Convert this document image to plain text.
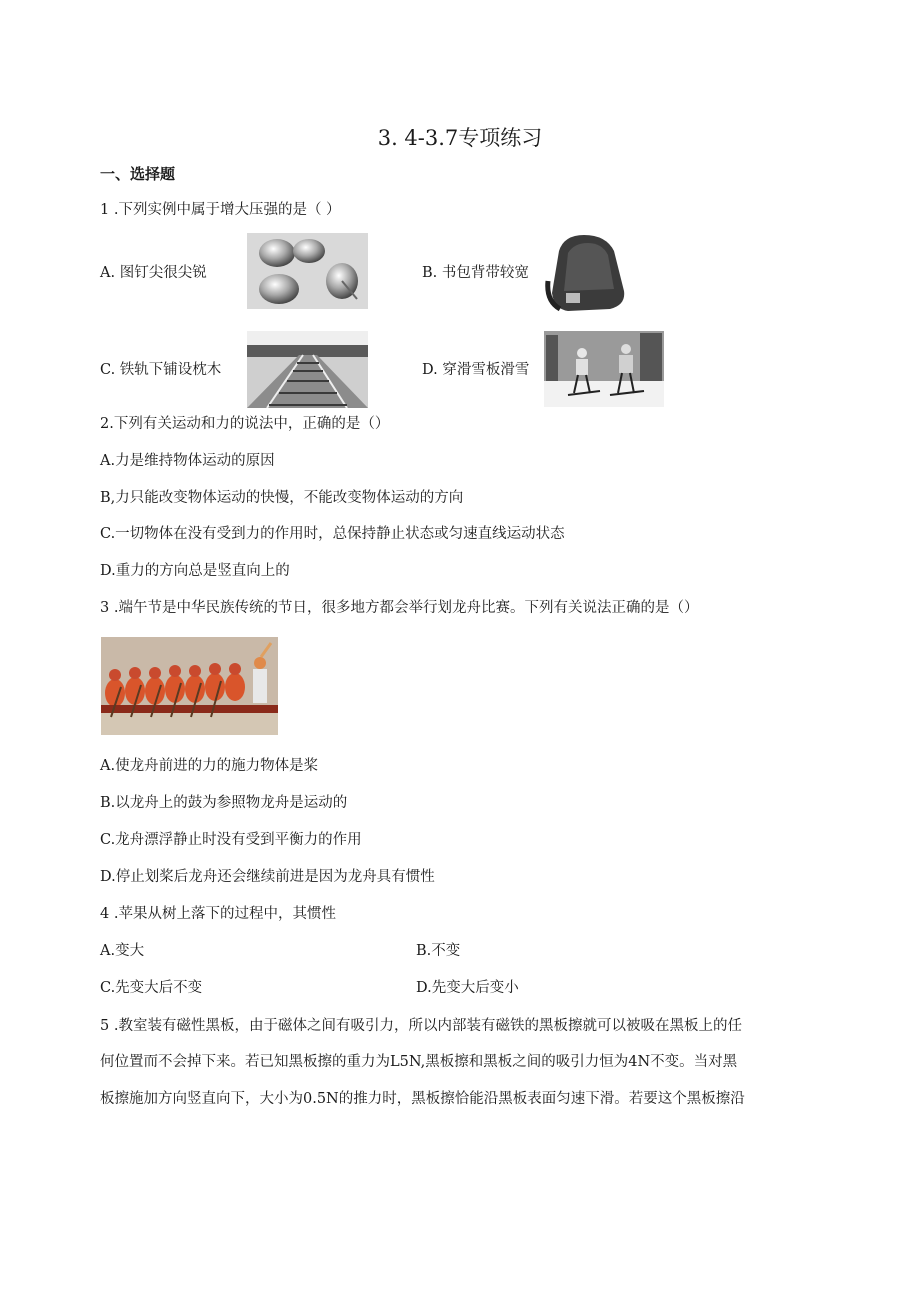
3. 4-3.7专项练习
一、选择题
1 .下列实例中属于增大压强的是（ ）
A. 图钉尖很尖锐	B. 书包背带较宽
C. 铁轨下铺设枕木	D. 穿滑雪板滑雪
2.下列有关运动和力的说法中，正确的是（）
A.力是维持物体运动的原因
B,力只能改变物体运动的快慢，不能改变物体运动的方向
C.一切物体在没有受到力的作用时，总保持静止状态或匀速直线运动状态
D.重力的方向总是竖直向上的
3 .端午节是中华民族传统的节日，很多地方都会举行划龙舟比赛。下列有关说法正确的是（）
A.使龙舟前进的力的施力物体是桨
B.以龙舟上的鼓为参照物龙舟是运动的
C.龙舟漂浮静止时没有受到平衡力的作用
D.停止划桨后龙舟还会继续前进是因为龙舟具有惯性
4 .苹果从树上落下的过程中，其惯性
A.变大	B.不变
C.先变大后不变	D.先变大后变小
5 .教室装有磁性黑板，由于磁体之间有吸引力，所以内部装有磁铁的黑板擦就可以被吸在黑板上的任
何位置而不会掉下来。若已知黑板擦的重力为L5N,黑板擦和黑板之间的吸引力恒为4N不变。当对黑
板擦施加方向竖直向下，大小为0.5N的推力时，黑板擦恰能沿黑板表面匀速下滑。若要这个黑板擦沿
